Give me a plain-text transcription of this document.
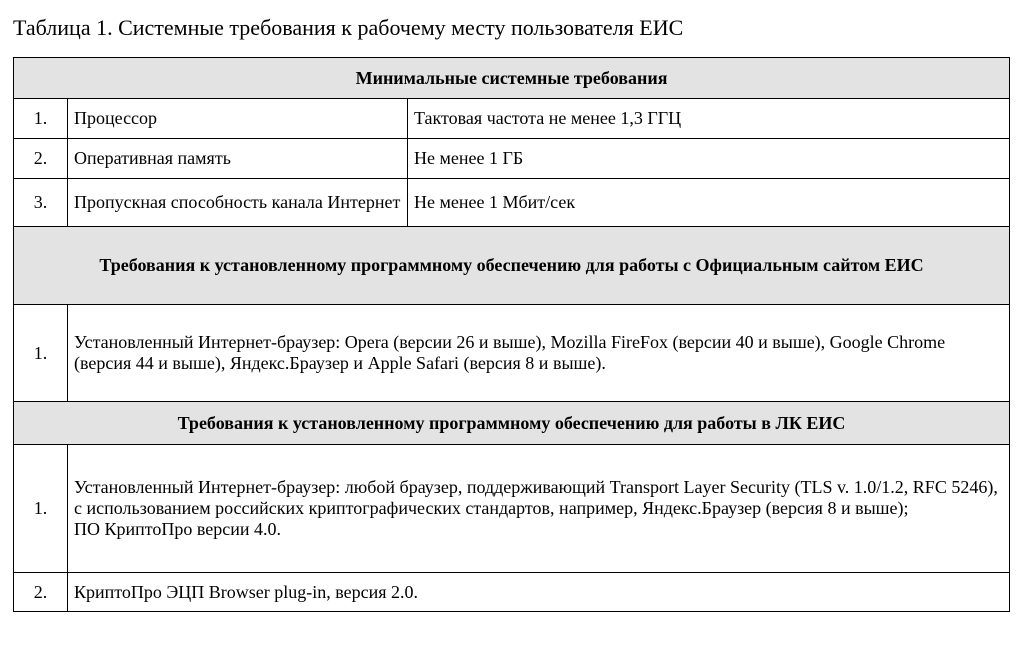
Таблица 1. Системные требования к рабочему месту пользователя ЕИС
Минимальные системные требования		
1.	Процессор	Тактовая частота не менее 1,3 ГГЦ
2.	Оперативная память	Не менее 1 ГБ
3.	Пропускная способность канала Интернет	Не менее 1 Мбит/сек
Требования к установленному программному обеспечению для работы с Официальным сайтом ЕИС		
1.	Установленный Интернет-браузер: Opera (версии 26 и выше), Mozilla FireFox (версии 40 и выше), Google Chrome (версия 44 и выше), Яндекс.Браузер и Apple Safari (версия 8 и выше).	
Требования к установленному программному обеспечению для работы в ЛК ЕИС		
1.	Установленный Интернет-браузер: любой браузер, поддерживающий Transport Layer Security (TLS v. 1.0/1.2, RFC 5246), с использованием российских криптографических стандартов, например, Яндекс.Браузер (версия 8 и выше);
ПО КриптоПро версии 4.0.	
2.	КриптоПро ЭЦП Browser plug-in, версия 2.0.	
